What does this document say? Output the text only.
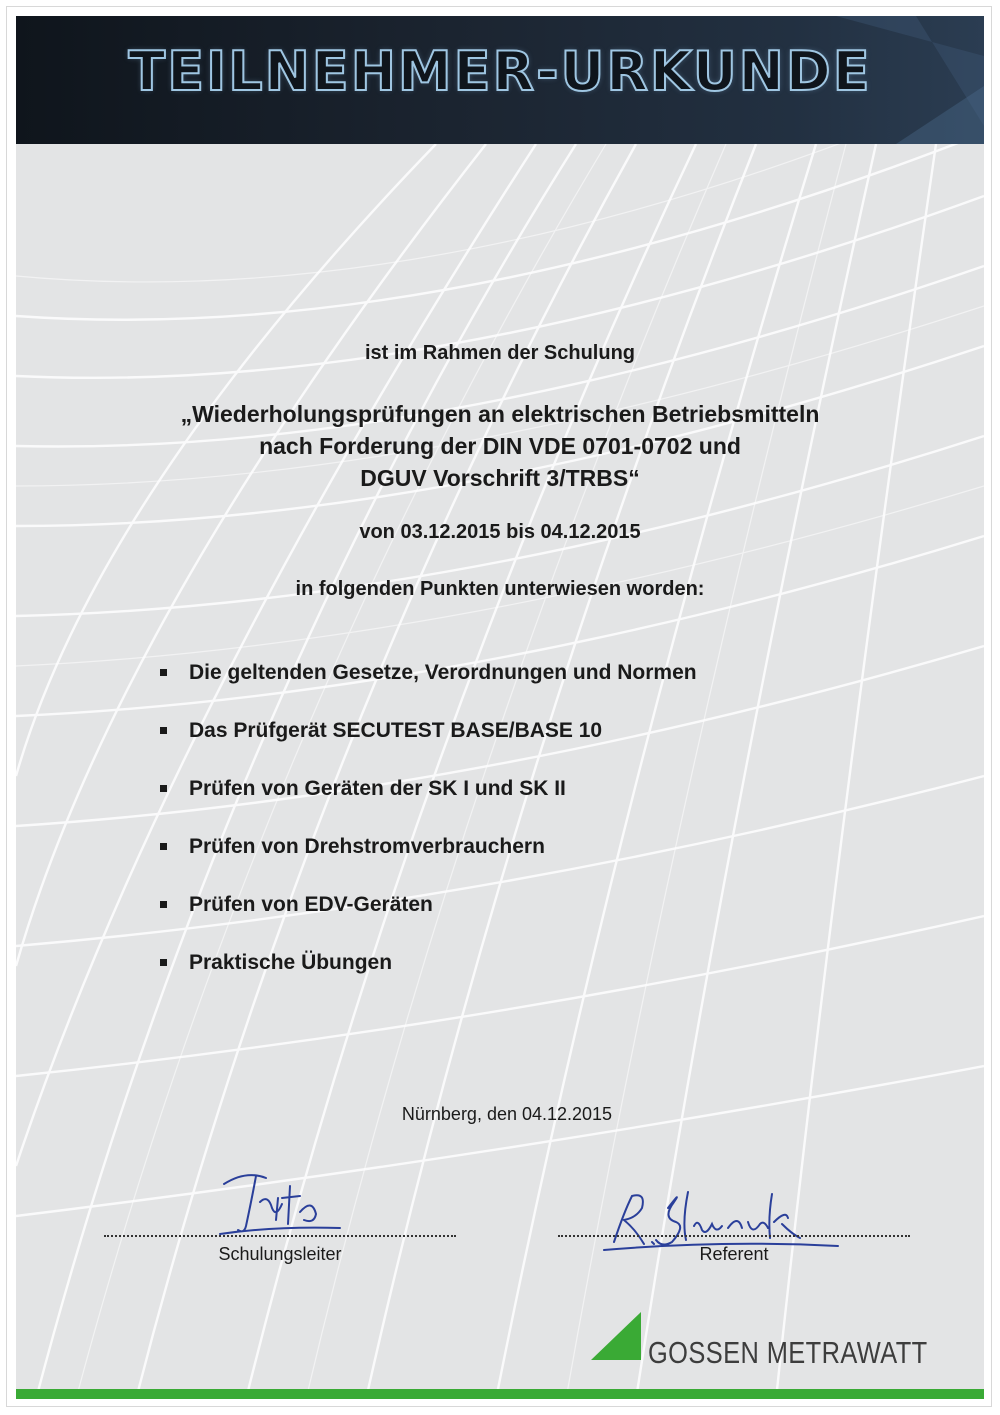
TEILNEHMER-URKUNDE
ist im Rahmen der Schulung
„Wiederholungsprüfungen an elektrischen Betriebsmitteln
nach Forderung der DIN VDE 0701-0702 und
DGUV Vorschrift 3/TRBS“
von 03.12.2015 bis 04.12.2015
in folgenden Punkten unterwiesen worden:
Die geltenden Gesetze, Verordnungen und Normen
Das Prüfgerät SECUTEST BASE/BASE 10
Prüfen von Geräten der SK I und SK II
Prüfen von Drehstromverbrauchern
Prüfen von EDV-Geräten
Praktische Übungen
Nürnberg, den 04.12.2015
Schulungsleiter	Referent
GOSSEN METRAWATT
